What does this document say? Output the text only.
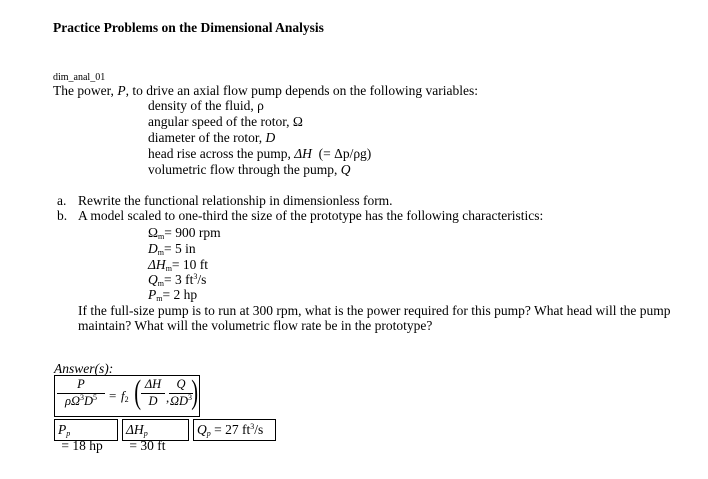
Practice Problems on the Dimensional Analysis
dim_anal_01
The power, P, to drive an axial flow pump depends on the following variables:
density of the fluid, ρ
angular speed of the rotor, Ω
diameter of the rotor, D
head rise across the pump, ΔH  (= Δp/ρg)
volumetric flow through the pump, Q
a. Rewrite the functional relationship in dimensionless form.
b. A model scaled to one-third the size of the prototype has the following characteristics:
$\Omega_m= 900$ rpm
$D_m= 5$ in
$\Delta H_m= 10$ ft
$Q_m= 3$ $ft^3/s$
$P_m= 2$ hp
If the full-size pump is to run at 300 rpm, what is the power required for this pump? What head will the pump
maintain? What will the volumetric flow rate be in the prototype?
Answer(s):
P
$\rho\Omega^3D^5 = f_2$ ( ΔH
D ,
Q
$\Omega D^3$ )
$P_p = 18$ hp
$\Delta H_p = 30$ ft
$Q_p = 27$ $ft^3/s$
